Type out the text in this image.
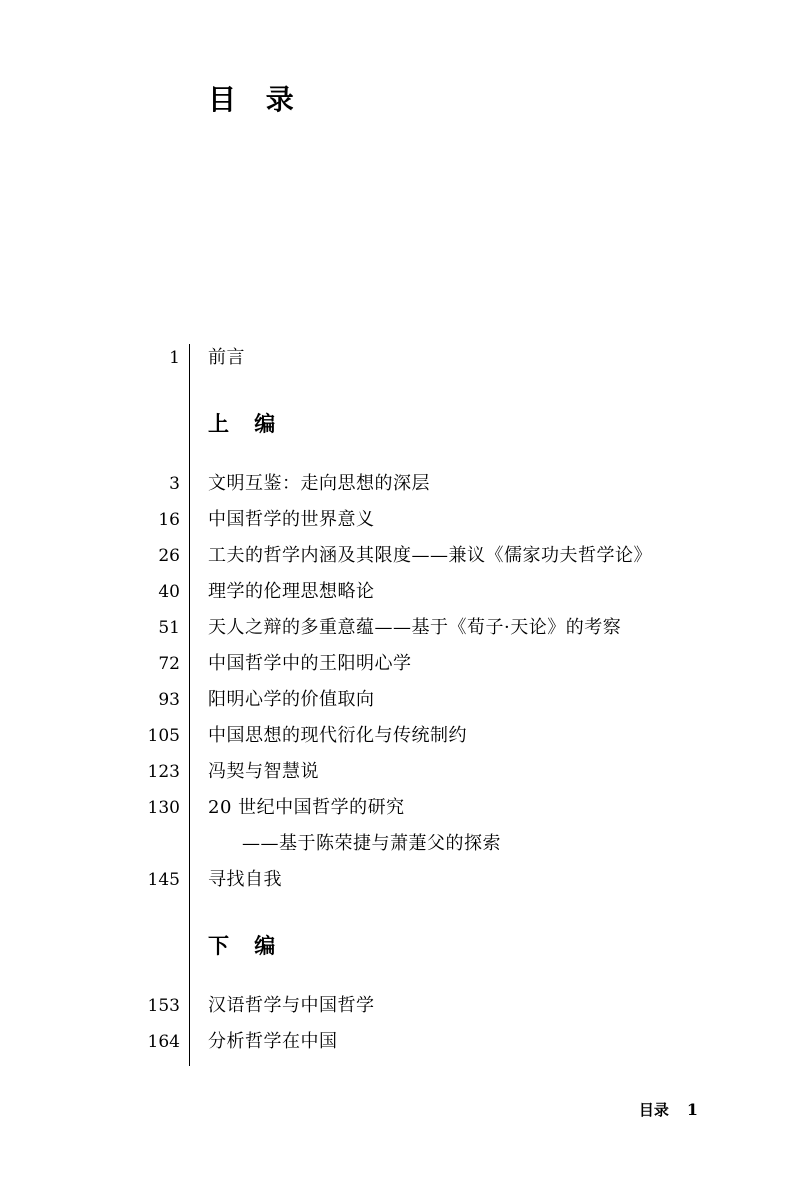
目 录
1 前言
上 编
3 文明互鉴：走向思想的深层
16 中国哲学的世界意义
26 工夫的哲学内涵及其限度——兼议《儒家功夫哲学论》
40 理学的伦理思想略论
51 天人之辩的多重意蕴——基于《荀子·天论》的考察
72 中国哲学中的王阳明心学
93 阳明心学的价值取向
105 中国思想的现代衍化与传统制约
123 冯契与智慧说
130 20 世纪中国哲学的研究
——基于陈荣捷与萧萐父的探索
145 寻找自我
下 编
153 汉语哲学与中国哲学
164 分析哲学在中国
目录 1
